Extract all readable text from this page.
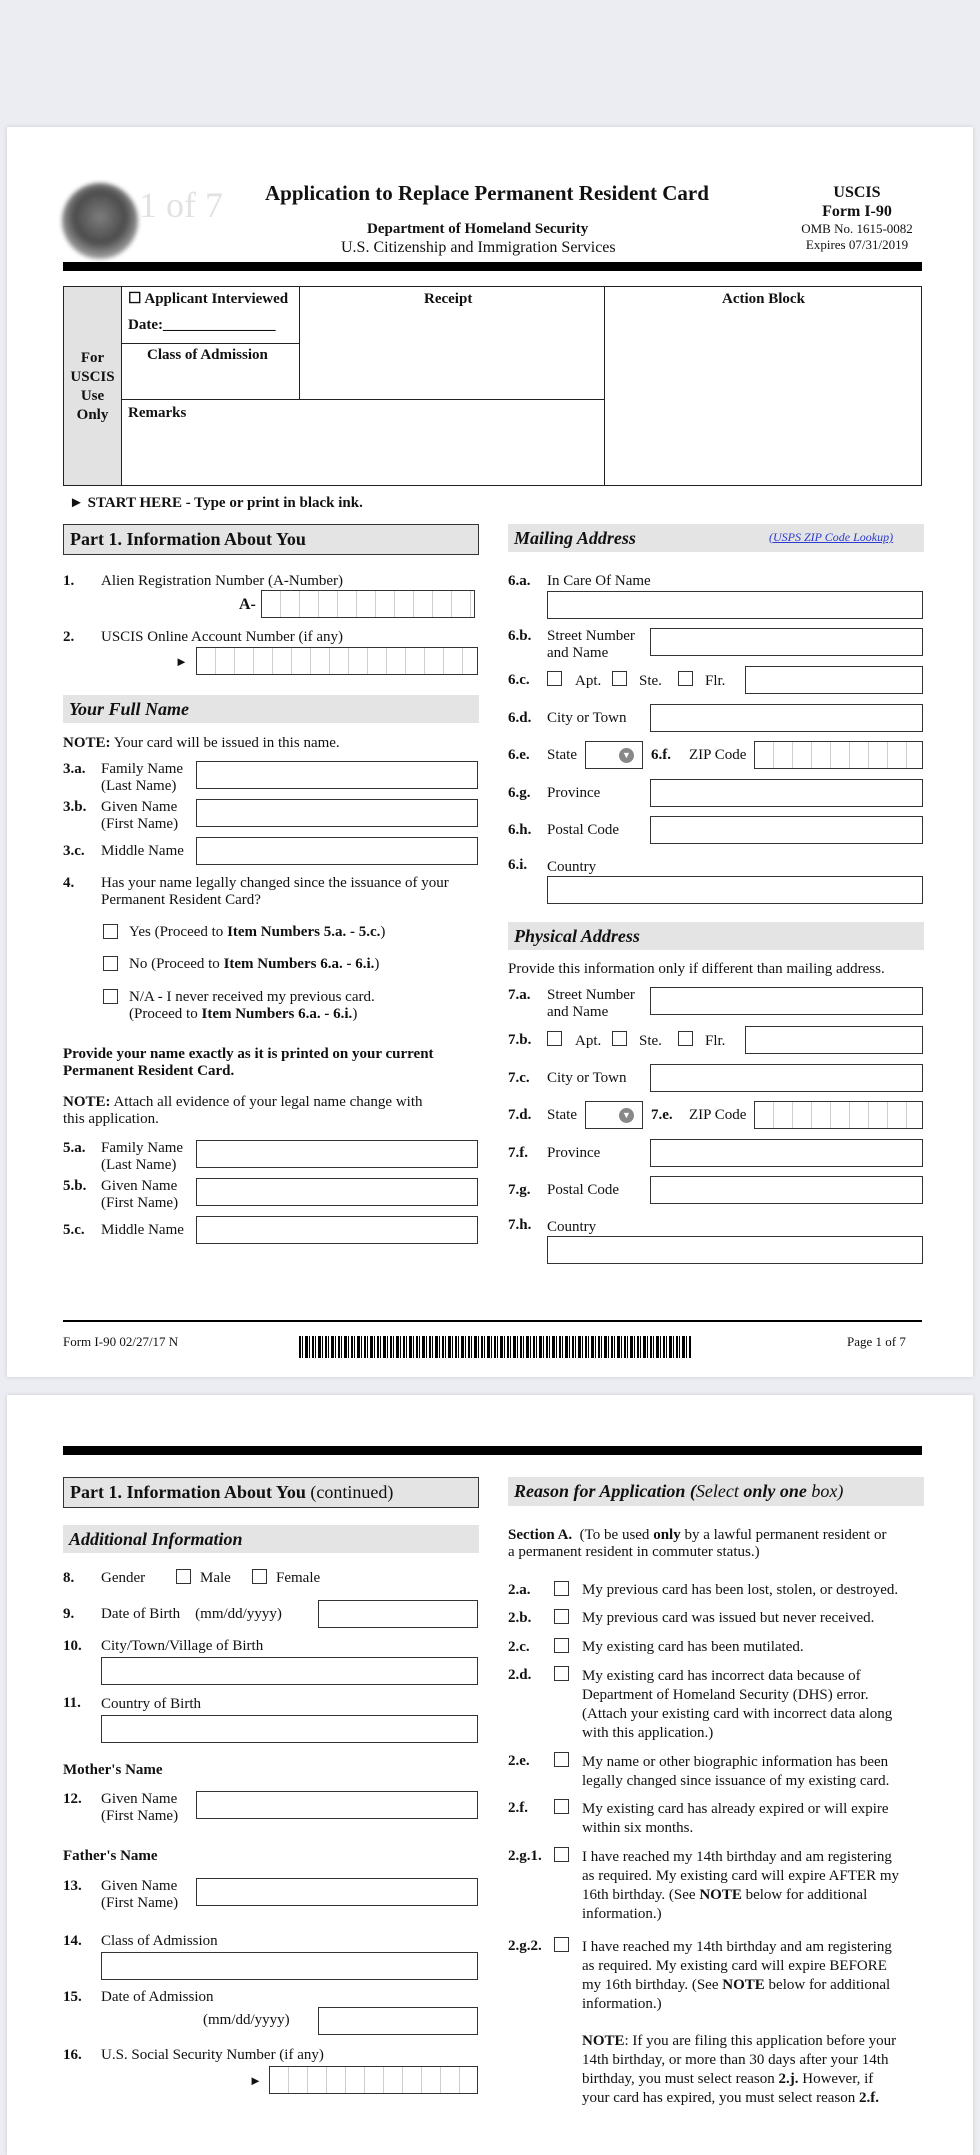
1 of 7 Application to Replace Permanent Resident Card
Department of Homeland Security
U.S. Citizenship and Immigration Services
USCIS
Form I-90
OMB No. 1615-0082
Expires 07/31/2019
For
USCIS
Use
Only
☐ Applicant Interviewed
Date:_______________
Class of Admission
Receipt	Action Block
Remarks
► START HERE - Type or print in black ink.
Part 1. Information About You
1. Alien Registration Number (A-Number)
A-
2. USCIS Online Account Number (if any)
►
Your Full Name
NOTE: Your card will be issued in this name.
3.a. Family Name
(Last Name)
3.b. Given Name
(First Name)
3.c. Middle Name
4. Has your name legally changed since the issuance of your
Permanent Resident Card?
Yes (Proceed to Item Numbers 5.a. - 5.c.)
No (Proceed to Item Numbers 6.a. - 6.i.)
N/A - I never received my previous card.
(Proceed to Item Numbers 6.a. - 6.i.)
Provide your name exactly as it is printed on your current
Permanent Resident Card.
NOTE: Attach all evidence of your legal name change with
this application.
5.a. Family Name
(Last Name)
5.b. Given Name
(First Name)
5.c. Middle Name
Mailing Address	(USPS ZIP Code Lookup)
6.a. In Care Of Name
6.b. Street Number
and Name
6.c.	Apt.	Ste.	Flr.
6.d. City or Town
6.e. State	▼ 6.f. ZIP Code
6.g. Province
6.h. Postal Code
6.i. Country
Physical Address
Provide this information only if different than mailing address.
7.a. Street Number
and Name
7.b.	Apt.	Ste.	Flr.
7.c. City or Town
7.d. State	▼ 7.e. ZIP Code
7.f. Province
7.g. Postal Code
7.h. Country
Form I-90 02/27/17 N	Page 1 of 7
Part 1. Information About You (continued)
Additional Information
8. Gender	Male	Female
9. Date of Birth (mm/dd/yyyy)
10. City/Town/Village of Birth
11. Country of Birth
Mother's Name
12. Given Name
(First Name)
Father's Name
13. Given Name
(First Name)
14. Class of Admission
15. Date of Admission
(mm/dd/yyyy)
16. U.S. Social Security Number (if any)
►
Reason for Application (Select only one box)
Section A. (To be used only by a lawful permanent resident or
a permanent resident in commuter status.)
2.a.	My previous card has been lost, stolen, or destroyed.
2.b.	My previous card was issued but never received.
2.c.	My existing card has been mutilated.
2.d.	My existing card has incorrect data because of
Department of Homeland Security (DHS) error.
(Attach your existing card with incorrect data along
with this application.)
2.e.	My name or other biographic information has been
legally changed since issuance of my existing card.
2.f.	My existing card has already expired or will expire
within six months.
2.g.1.	I have reached my 14th birthday and am registering
as required. My existing card will expire AFTER my
16th birthday. (See NOTE below for additional
information.)
2.g.2.	I have reached my 14th birthday and am registering
as required. My existing card will expire BEFORE
my 16th birthday. (See NOTE below for additional
information.)
NOTE: If you are filing this application before your
14th birthday, or more than 30 days after your 14th
birthday, you must select reason 2.j. However, if
your card has expired, you must select reason 2.f.
